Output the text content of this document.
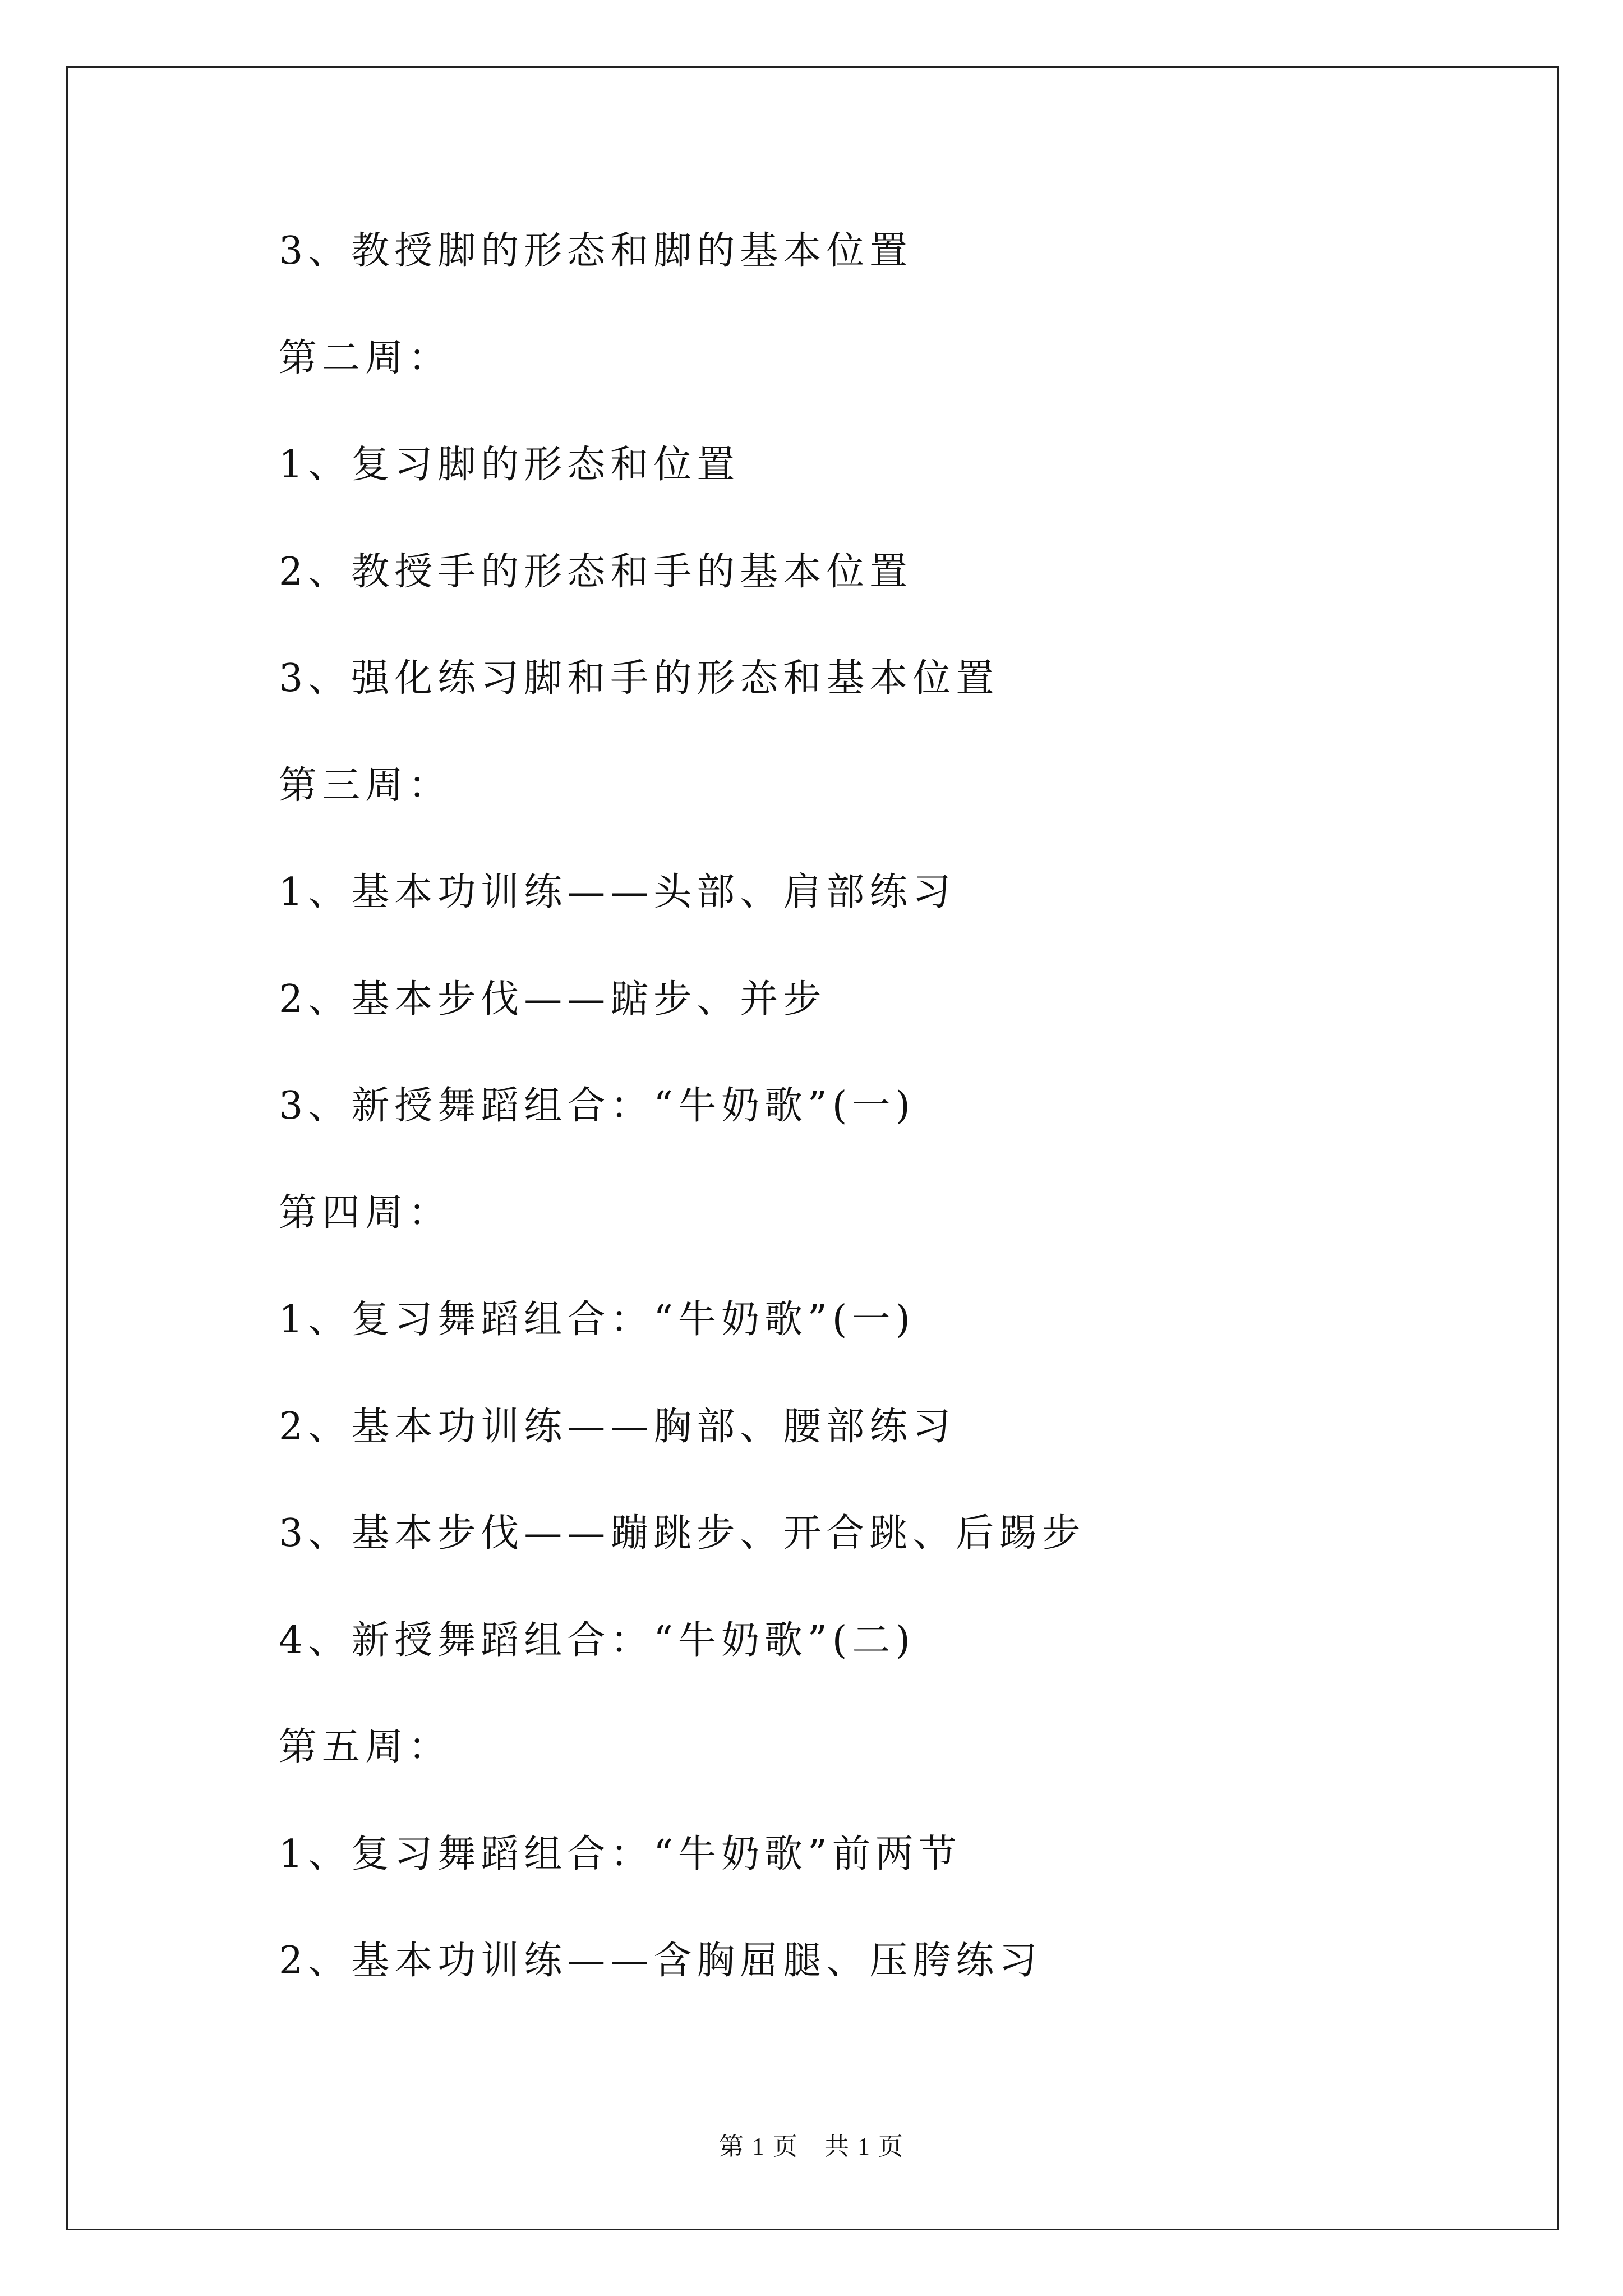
3、教授脚的形态和脚的基本位置
第二周：
1、复习脚的形态和位置
2、教授手的形态和手的基本位置
3、强化练习脚和手的形态和基本位置
第三周：
1、基本功训练——头部、肩部练习
2、基本步伐——踮步、并步
3、新授舞蹈组合：“牛奶歌”(一)
第四周：
1、复习舞蹈组合：“牛奶歌”(一)
2、基本功训练——胸部、腰部练习
3、基本步伐——蹦跳步、开合跳、后踢步
4、新授舞蹈组合：“牛奶歌”(二)
第五周：
1、复习舞蹈组合：“牛奶歌”前两节
2、基本功训练——含胸屈腿、压胯练习
第 1 页　共 1 页
